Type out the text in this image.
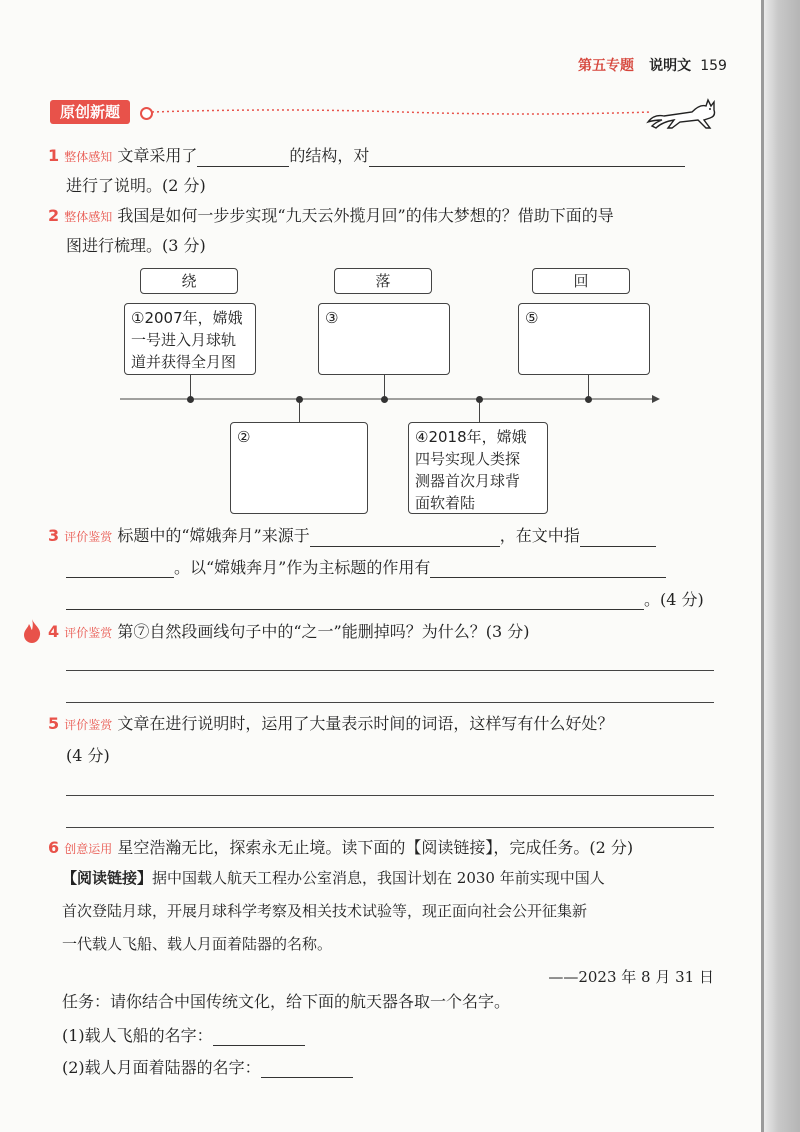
第五专题 说明文 159
原创新题
1 整体感知 文章采用了	的结构，对
进行了说明。(2 分)
2 整体感知 我国是如何一步步实现“九天云外揽月回”的伟大梦想的？借助下面的导
图进行梳理。(3 分)
绕	落	回
①2007年，嫦娥
一号进入月球轨
道并获得全月图
③	⑤
②	④2018年，嫦娥
四号实现人类探
测器首次月球背
面软着陆
3 评价鉴赏 标题中的“嫦娥奔月”来源于	，在文中指
。以“嫦娥奔月”作为主标题的作用有
。(4 分)
4 评价鉴赏 第⑦自然段画线句子中的“之一”能删掉吗？为什么？(3 分)
5 评价鉴赏 文章在进行说明时，运用了大量表示时间的词语，这样写有什么好处？
(4 分)
6 创意运用 星空浩瀚无比，探索永无止境。读下面的【阅读链接】，完成任务。(2 分)
【阅读链接】据中国载人航天工程办公室消息，我国计划在 2030 年前实现中国人
首次登陆月球，开展月球科学考察及相关技术试验等，现正面向社会公开征集新
一代载人飞船、载人月面着陆器的名称。
——2023 年 8 月 31 日
任务：请你结合中国传统文化，给下面的航天器各取一个名字。
(1)载人飞船的名字：
(2)载人月面着陆器的名字：
